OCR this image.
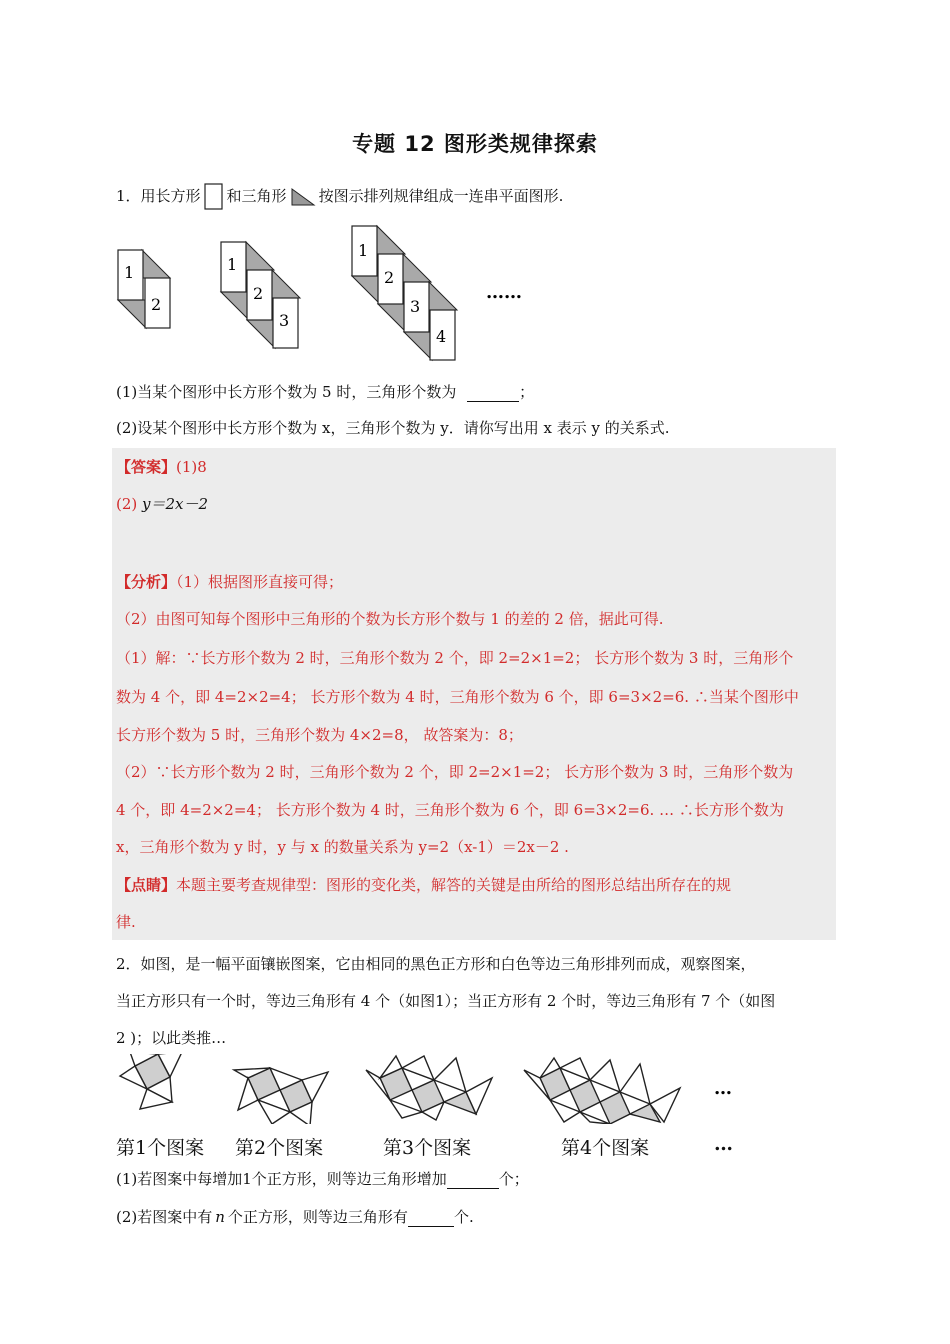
专题 12 图形类规律探索
1．用长方形 和三角形 按图示排列规律组成一连串平面图形.
1
2
1
2
3
1
2
3
4
……
(1)当某个图形中长方形个数为 5 时，三角形个数为	；
(2)设某个图形中长方形个数为 x，三角形个数为 y．请你写出用 x 表示 y 的关系式.
【答案】(1)8
(2) y＝2x－2
【分析】（1）根据图形直接可得；
（2）由图可知每个图形中三角形的个数为长方形个数与 1 的差的 2 倍，据此可得.
（1）解：∵长方形个数为 2 时，三角形个数为 2 个，即 2=2×1=2； 长方形个数为 3 时，三角形个
数为 4 个，即 4=2×2=4； 长方形个数为 4 时，三角形个数为 6 个，即 6=3×2=6. ∴当某个图形中
长方形个数为 5 时，三角形个数为 4×2=8， 故答案为：8；
（2）∵长方形个数为 2 时，三角形个数为 2 个，即 2=2×1=2； 长方形个数为 3 时，三角形个数为
4 个，即 4=2×2=4； 长方形个数为 4 时，三角形个数为 6 个，即 6=3×2=6. … ∴长方形个数为
x，三角形个数为 y 时，y 与 x 的数量关系为 y=2（x-1）＝2x－2 .
【点睛】本题主要考查规律型：图形的变化类，解答的关键是由所给的图形总结出所存在的规
律.
2．如图，是一幅平面镶嵌图案，它由相同的黑色正方形和白色等边三角形排列而成，观察图案，
当正方形只有一个时，等边三角形有 4 个（如图1）；当正方形有 2 个时，等边三角形有 7 个（如图
2 )；以此类推…
…
第1个图案 第2个图案	第3个图案	第4个图案	…
(1)若图案中每增加1个正方形，则等边三角形增加	个；
(2)若图案中有 n 个正方形，则等边三角形有	个.
